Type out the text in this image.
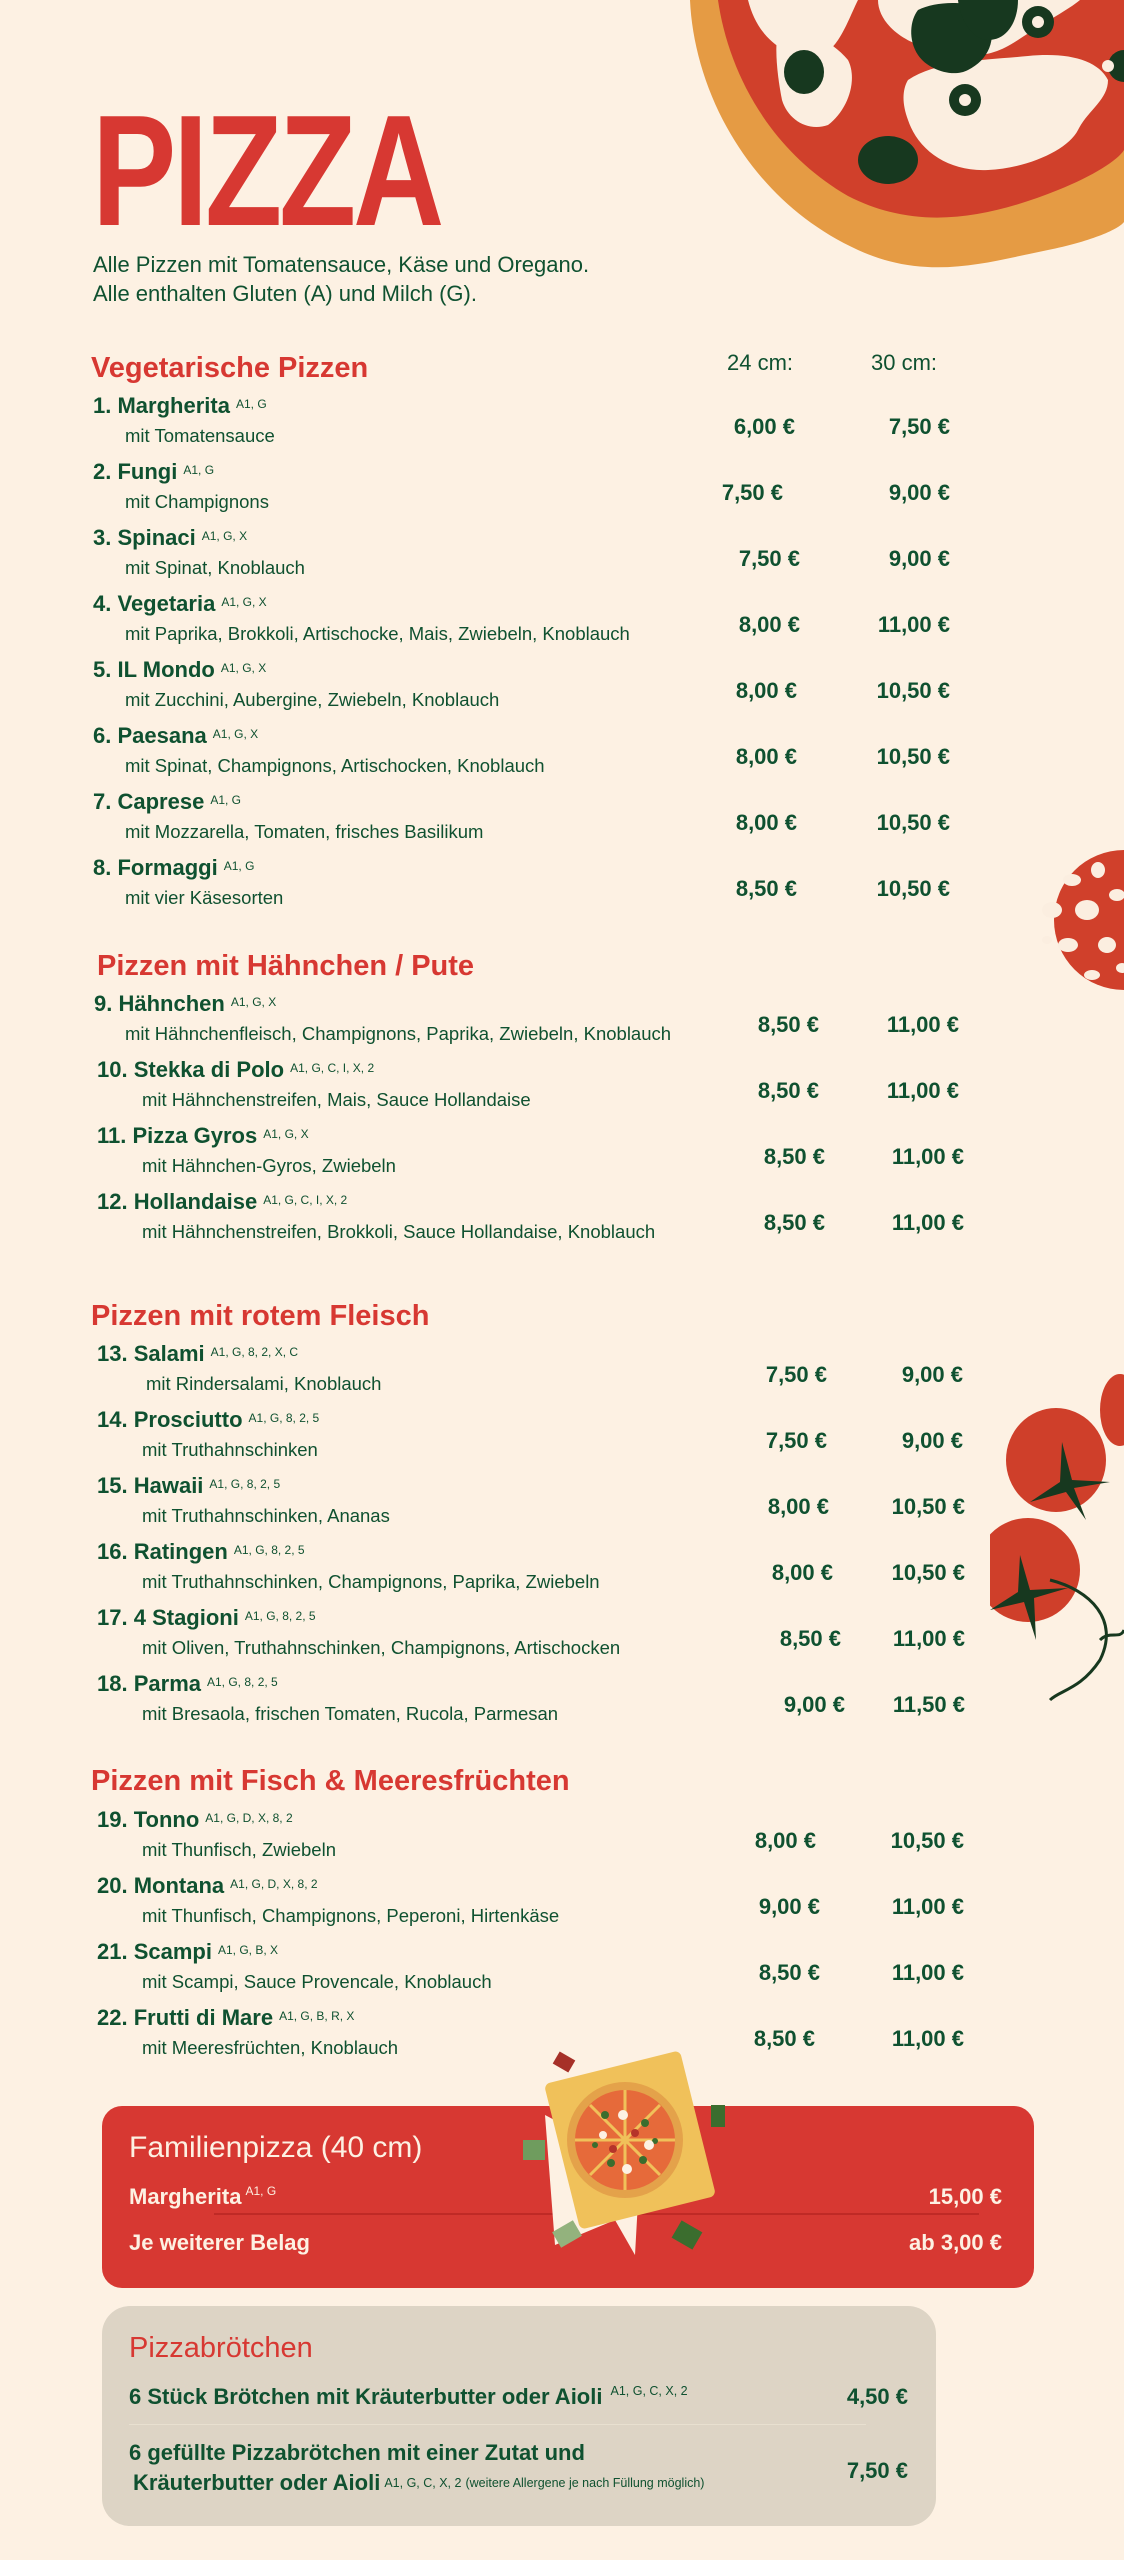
PIZZA
Alle Pizzen mit Tomatensauce, Käse und Oregano.
Alle enthalten Gluten (A) und Milch (G).
24 cm:	30 cm:
Vegetarische Pizzen
1. Margherita $^{A1, G}$
mit Tomatensauce	6,00 €	7,50 €
2. Fungi $^{A1, G}$
mit Champignons	7,50 €	9,00 €
3. Spinaci $^{A1, G, X}$
mit Spinat, Knoblauch	7,50 €	9,00 €
4. Vegetaria $^{A1, G, X}$
mit Paprika, Brokkoli, Artischocke, Mais, Zwiebeln, Knoblauch	8,00 €	11,00 €
5. IL Mondo $^{A1, G, X}$
mit Zucchini, Aubergine, Zwiebeln, Knoblauch	8,00 €	10,50 €
6. Paesana $^{A1, G, X}$
mit Spinat, Champignons, Artischocken, Knoblauch	8,00 €	10,50 €
7. Caprese $^{A1, G}$
mit Mozzarella, Tomaten, frisches Basilikum	8,00 €	10,50 €
8. Formaggi $^{A1, G}$
mit vier Käsesorten	8,50 €	10,50 €
Pizzen mit Hähnchen / Pute
9. Hähnchen $^{A1, G, X}$
mit Hähnchenfleisch, Champignons, Paprika, Zwiebeln, Knoblauch	8,50 €	11,00 €
10. Stekka di Polo $^{A1, G, C, I, X, 2}$
mit Hähnchenstreifen, Mais, Sauce Hollandaise	8,50 €	11,00 €
11. Pizza Gyros $^{A1, G, X}$
mit Hähnchen-Gyros, Zwiebeln	8,50 €	11,00 €
12. Hollandaise $^{A1, G, C, I, X, 2}$
mit Hähnchenstreifen, Brokkoli, Sauce Hollandaise, Knoblauch	8,50 €	11,00 €
Pizzen mit rotem Fleisch
13. Salami $^{A1, G, 8, 2, X, C}$
mit Rindersalami, Knoblauch	7,50 €	9,00 €
14. Prosciutto $^{A1, G, 8, 2, 5}$
mit Truthahnschinken	7,50 €	9,00 €
15. Hawaii $^{A1, G, 8, 2, 5}$
mit Truthahnschinken, Ananas	8,00 €	10,50 €
16. Ratingen $^{A1, G, 8, 2, 5}$
mit Truthahnschinken, Champignons, Paprika, Zwiebeln	8,00 €	10,50 €
17. 4 Stagioni $^{A1, G, 8, 2, 5}$
mit Oliven, Truthahnschinken, Champignons, Artischocken	8,50 € 11,00 €
18. Parma $^{A1, G, 8, 2, 5}$
mit Bresaola, frischen Tomaten, Rucola, Parmesan	9,00 € 11,50 €
Pizzen mit Fisch & Meeresfrüchten
19. Tonno $^{A1, G, D, X, 8, 2}$
mit Thunfisch, Zwiebeln	8,00 €	10,50 €
20. Montana $^{A1, G, D, X, 8, 2}$
mit Thunfisch, Champignons, Peperoni, Hirtenkäse	9,00 €	11,00 €
21. Scampi $^{A1, G, B, X}$
mit Scampi, Sauce Provencale, Knoblauch	8,50 €	11,00 €
22. Frutti di Mare $^{A1, G, B, R, X}$
mit Meeresfrüchten, Knoblauch	8,50 €	11,00 €
Familienpizza (40 cm)
Margherita $^{A1, G}$	15,00 €
Je weiterer Belag	ab 3,00 €
Pizzabrötchen
6 Stück Brötchen mit Kräuterbutter oder Aioli $^{A1, G, C, X, 2}$	4,50 €
6 gefüllte Pizzabrötchen mit einer Zutat und
Kräuterbutter oder Aioli $^{A1, G, C, X, 2}$ $^{(weitere Allergene je nach Füllung möglich)}$	7,50 €
